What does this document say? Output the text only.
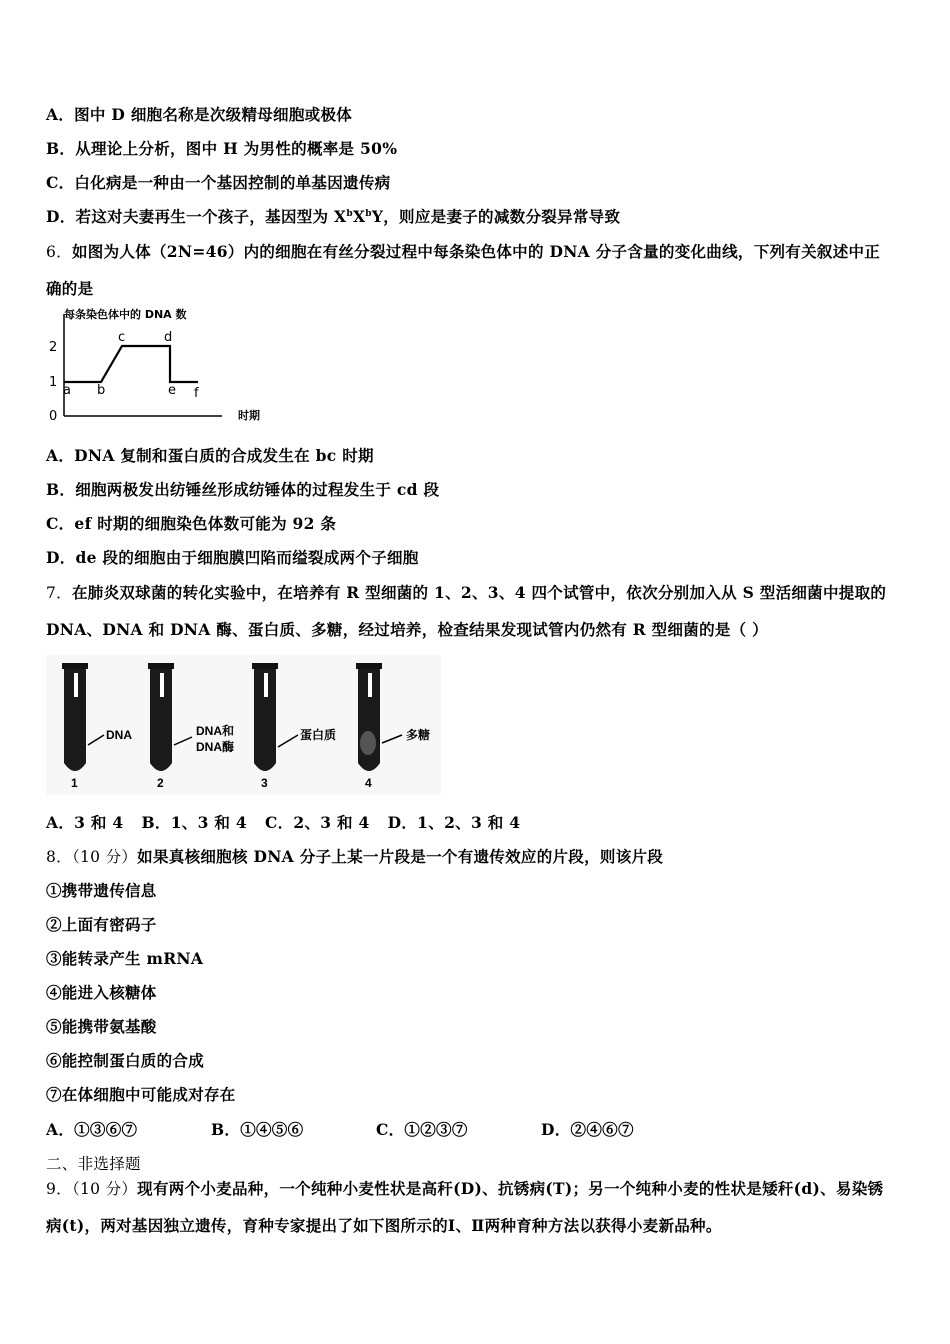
A．图中 D 细胞名称是次级精母细胞或极体
B．从理论上分析，图中 H 为男性的概率是 50%
C．白化病是一种由一个基因控制的单基因遗传病
D．若这对夫妻再生一个孩子，基因型为 $X^bX^bY$，则应是妻子的减数分裂异常导致
6．如图为人体（2N=46）内的细胞在有丝分裂过程中每条染色体中的 DNA 分子含量的变化曲线，下列有关叙述中正
确的是
每条染色体中的 DNA 数
时期
0
1
2
a b
c	d
e f
A．DNA 复制和蛋白质的合成发生在 bc 时期
B．细胞两极发出纺锤丝形成纺锤体的过程发生于 cd 段
C．ef 时期的细胞染色体数可能为 92 条
D．de 段的细胞由于细胞膜凹陷而缢裂成两个子细胞
7．在肺炎双球菌的转化实验中，在培养有 R 型细菌的 1、2、3、4 四个试管中，依次分别加入从 S 型活细菌中提取的
DNA、DNA 和 DNA 酶、蛋白质、多糖，经过培养，检查结果发现试管内仍然有 R 型细菌的是（ ）
DNA
1
DNA和
DNA酶
2
蛋白质
3
多糖
4
A．3 和 4 B．1、3 和 4 C．2、3 和 4 D．1、2、3 和 4
8．（10 分）如果真核细胞核 DNA 分子上某一片段是一个有遗传效应的片段，则该片段
①携带遗传信息
②上面有密码子
③能转录产生 mRNA
④能进入核糖体
⑤能携带氨基酸
⑥能控制蛋白质的合成
⑦在体细胞中可能成对存在
A．①③⑥⑦	B．①④⑤⑥	C．①②③⑦	D．②④⑥⑦
二、非选择题
9．（10 分）现有两个小麦品种，一个纯种小麦性状是高秆(D)、抗锈病(T)；另一个纯种小麦的性状是矮秆(d)、易染锈
病(t)，两对基因独立遗传，育种专家提出了如下图所示的Ⅰ、Ⅱ两种育种方法以获得小麦新品种。
